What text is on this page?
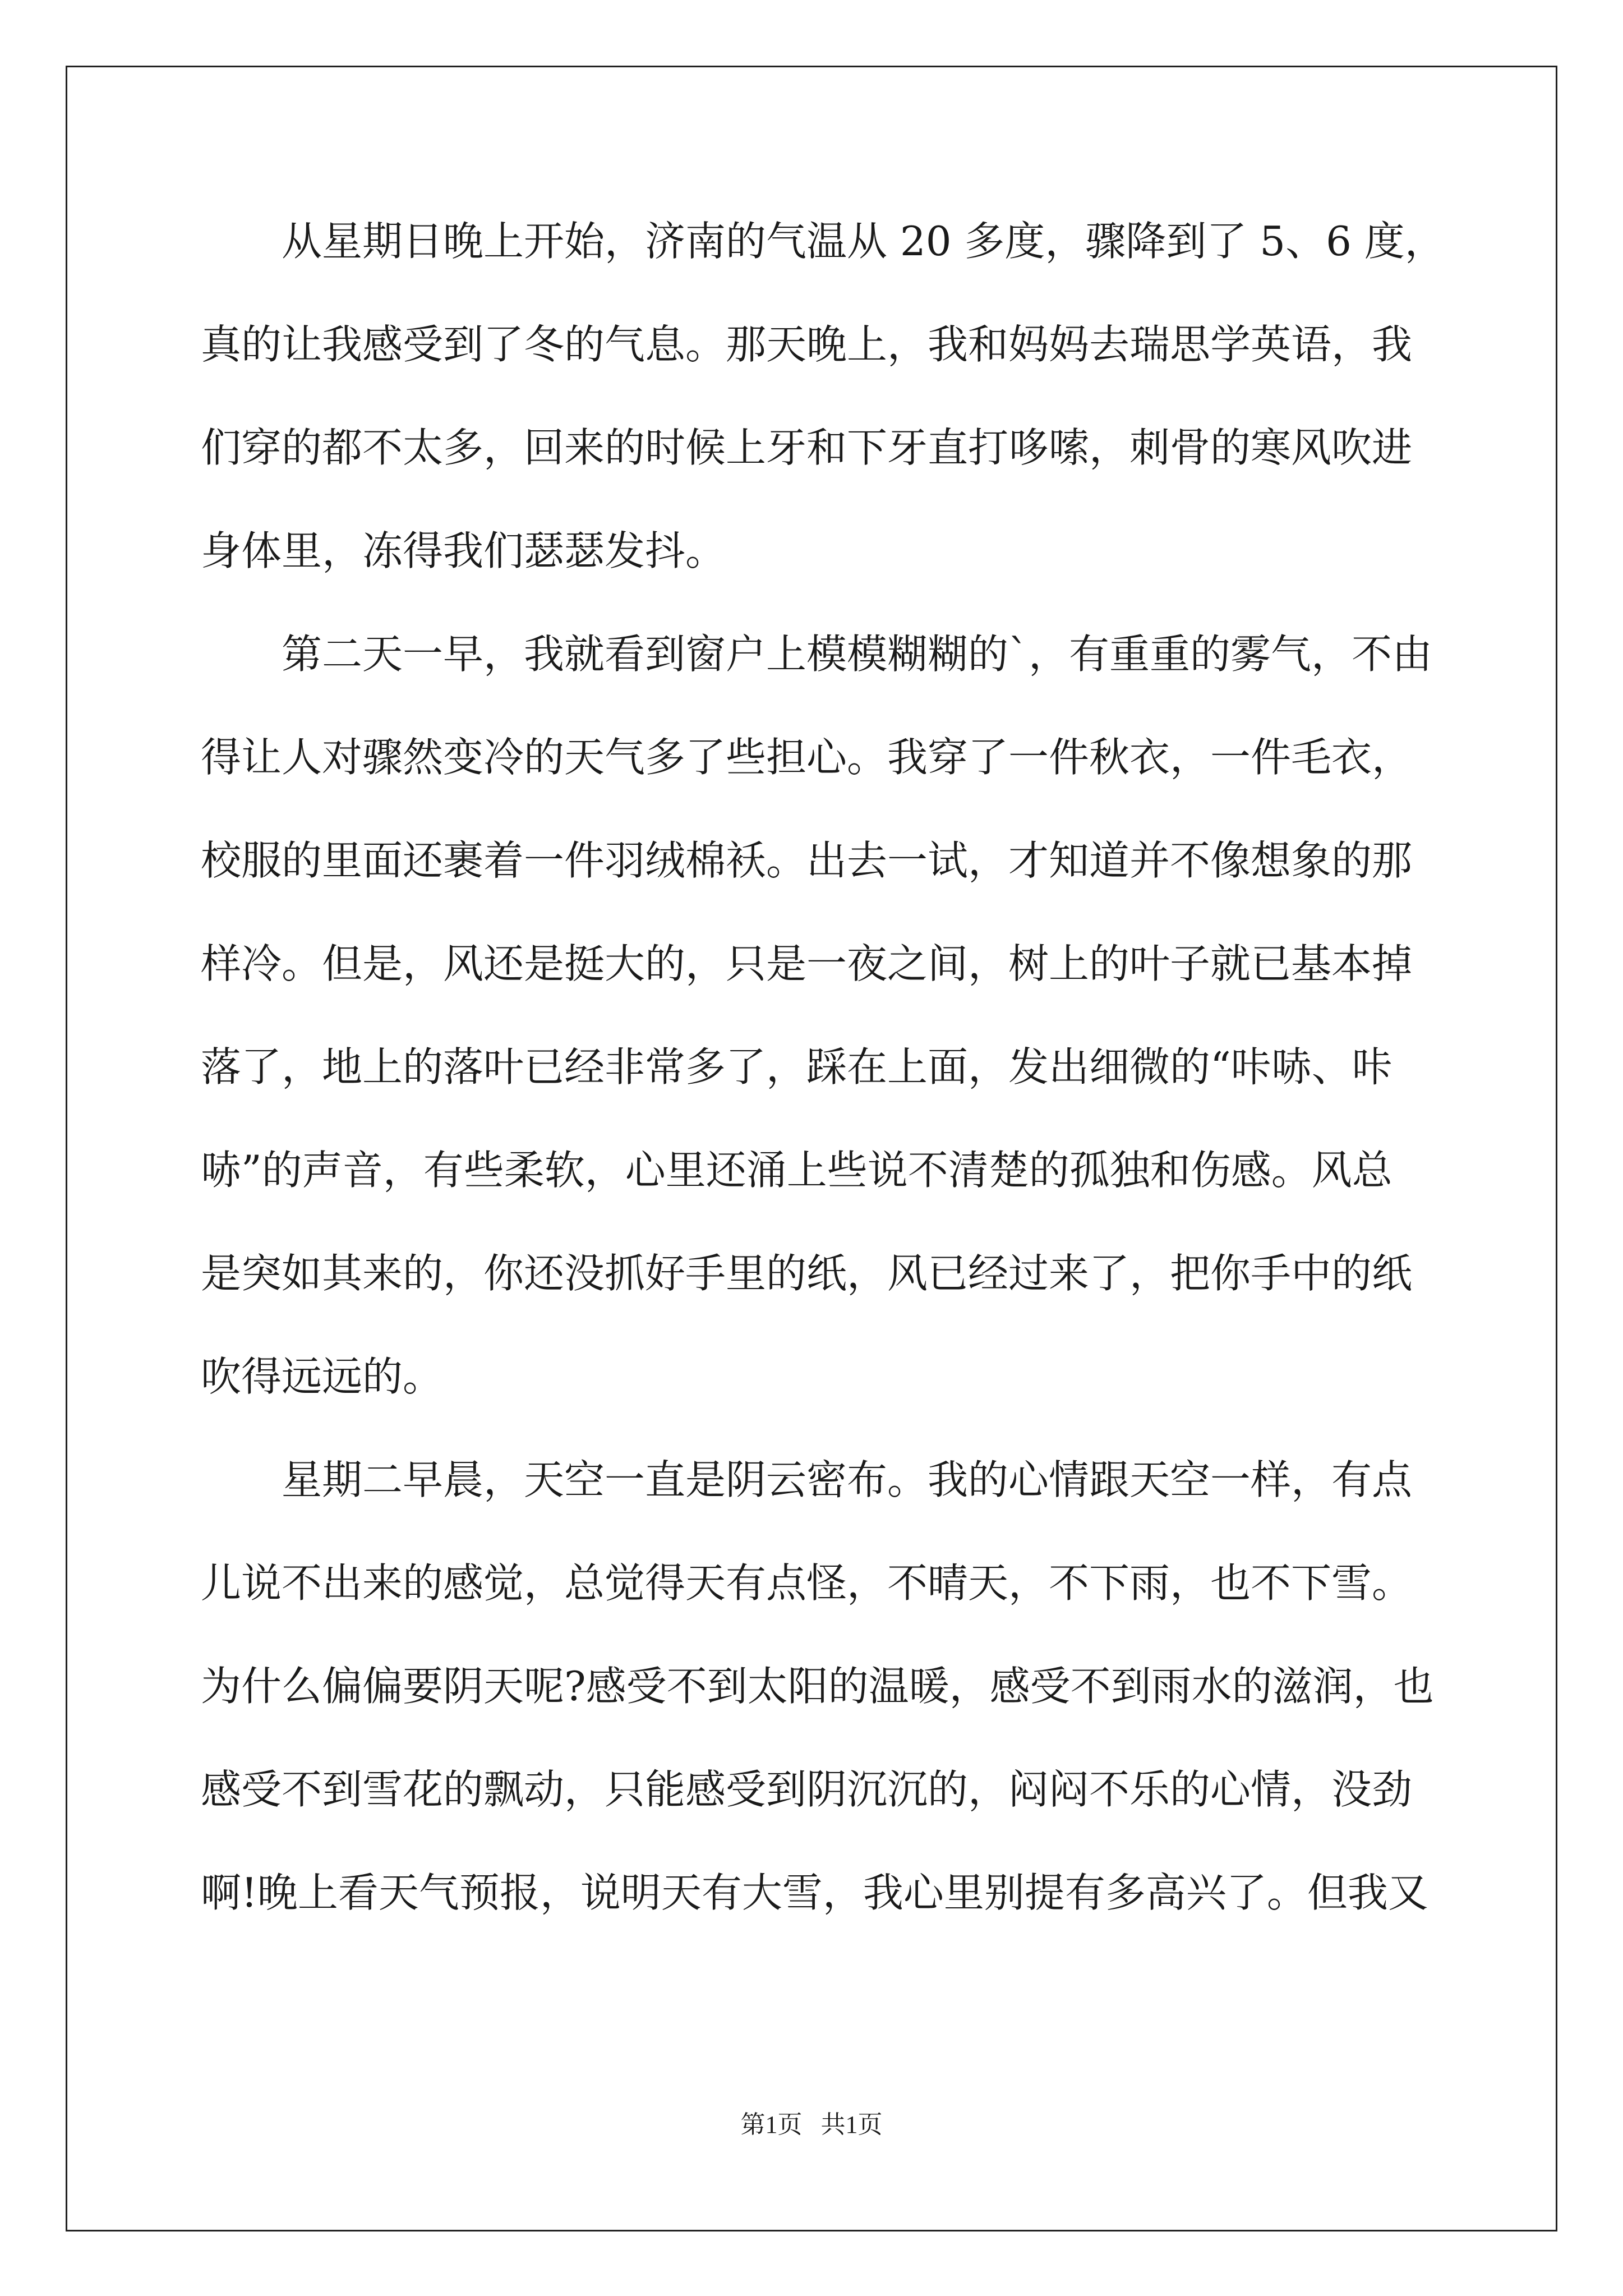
从星期日晚上开始，济南的气温从 20 多度，骤降到了 5、6 度，
真的让我感受到了冬的气息。那天晚上，我和妈妈去瑞思学英语，我
们穿的都不太多，回来的时候上牙和下牙直打哆嗦，刺骨的寒风吹进
身体里，冻得我们瑟瑟发抖。
第二天一早，我就看到窗户上模模糊糊的`，有重重的雾气，不由
得让人对骤然变冷的天气多了些担心。我穿了一件秋衣，一件毛衣，
校服的里面还裹着一件羽绒棉袄。出去一试，才知道并不像想象的那
样冷。但是，风还是挺大的，只是一夜之间，树上的叶子就已基本掉
落了，地上的落叶已经非常多了，踩在上面，发出细微的“咔哧、咔
哧”的声音，有些柔软，心里还涌上些说不清楚的孤独和伤感。风总
是突如其来的，你还没抓好手里的纸，风已经过来了，把你手中的纸
吹得远远的。
星期二早晨，天空一直是阴云密布。我的心情跟天空一样，有点
儿说不出来的感觉，总觉得天有点怪，不晴天，不下雨，也不下雪。
为什么偏偏要阴天呢?感受不到太阳的温暖，感受不到雨水的滋润，也
感受不到雪花的飘动，只能感受到阴沉沉的，闷闷不乐的心情，没劲
啊!晚上看天气预报，说明天有大雪，我心里别提有多高兴了。但我又
第1页   共1页
